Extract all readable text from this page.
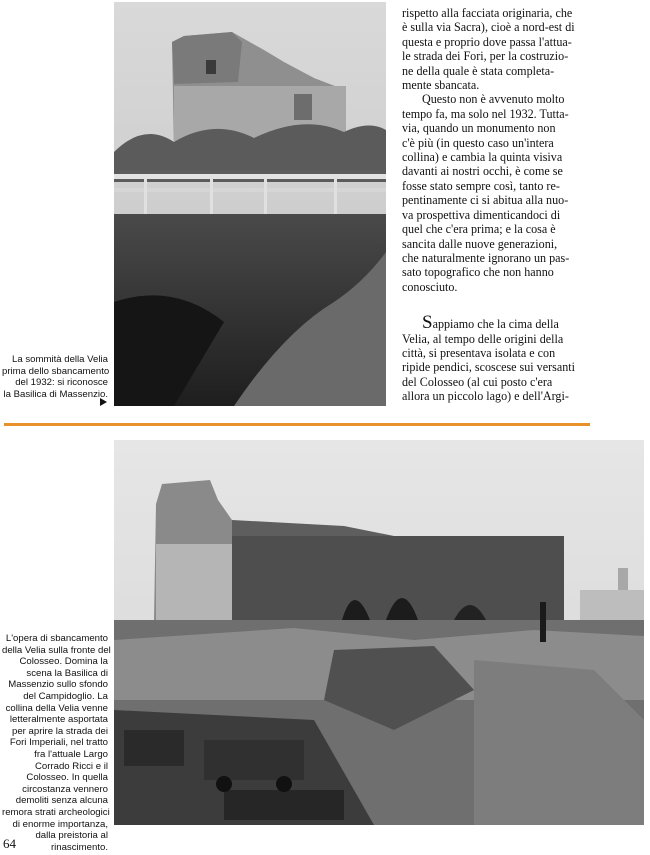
La sommità della Velia
prima dello sbancamento
del 1932: si riconosce
la Basilica di Massenzio.

rispetto alla facciata originaria, che
è sulla via Sacra), cioè a nord-est di
questa e proprio dove passa l'attua-
le strada dei Fori, per la costruzio-
ne della quale è stata completa-
mente sbancata.

Questo non è avvenuto molto
tempo fa, ma solo nel 1932. Tutta-
via, quando un monumento non
c'è più (in questo caso un'intera
collina) e cambia la quinta visiva
davanti ai nostri occhi, è come se
fosse stato sempre così, tanto re-
pentinamente ci si abitua alla nuo-
va prospettiva dimenticandoci di
quel che c'era prima; e la cosa è
sancita dalle nuove generazioni,
che naturalmente ignorano un pas-
sato topografico che non hanno
conosciuto.

Sappiamo che la cima della
Velia, al tempo delle origini della
città, si presentava isolata e con
ripide pendici, scoscese sui versanti
del Colosseo (al cui posto c'era
allora un piccolo lago) e dell'Argi-

L'opera di sbancamento
della Velia sulla fronte del
Colosseo. Domina la
scena la Basilica di
Massenzio sullo sfondo
del Campidoglio. La
collina della Velia venne
letteralmente asportata
per aprire la strada dei
Fori Imperiali, nel tratto
fra l'attuale Largo
Corrado Ricci e il
Colosseo. In quella
circostanza vennero
demoliti senza alcuna
remora strati archeologici
di enorme importanza,
dalla preistoria al
rinascimento.
64
